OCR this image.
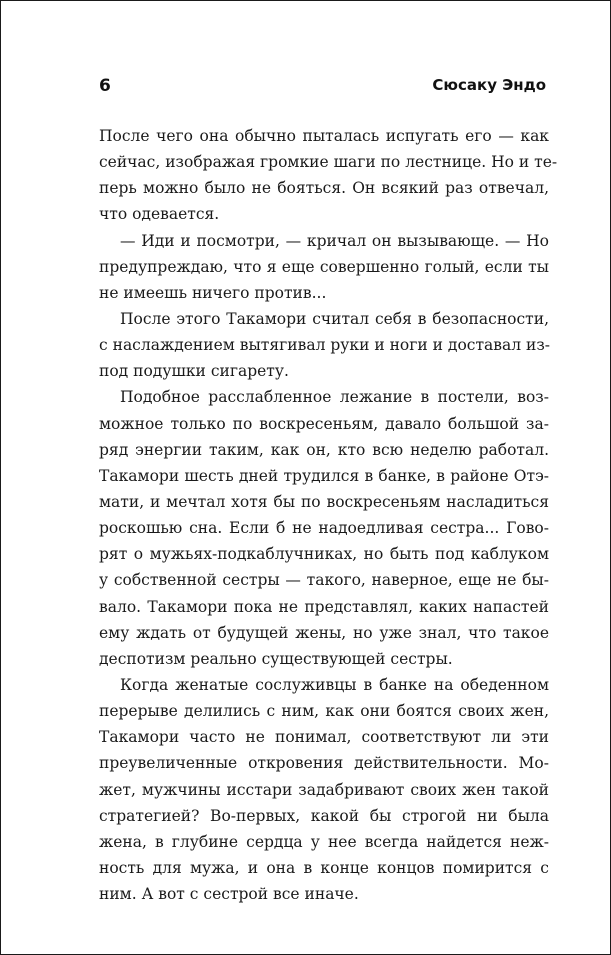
6	Сюсаку Эндо
После чего она обычно пыталась испугать его — как
сейчас, изображая громкие шаги по лестнице. Но и те-
перь можно было не бояться. Он всякий раз отвечал,
что одевается.
— Иди и посмотри, — кричал он вызывающе. — Но
предупреждаю, что я еще совершенно голый, если ты
не имеешь ничего против...
После этого Такамори считал себя в безопасности,
с наслаждением вытягивал руки и ноги и доставал из-
под подушки сигарету.
Подобное расслабленное лежание в постели, воз-
можное только по воскресеньям, давало большой за-
ряд энергии таким, как он, кто всю неделю работал.
Такамори шесть дней трудился в банке, в районе Отэ-
мати, и мечтал хотя бы по воскресеньям насладиться
роскошью сна. Если б не надоедливая сестра... Гово-
рят о мужьях-подкаблучниках, но быть под каблуком
у собственной сестры — такого, наверное, еще не бы-
вало. Такамори пока не представлял, каких напастей
ему ждать от будущей жены, но уже знал, что такое
деспотизм реально существующей сестры.
Когда женатые сослуживцы в банке на обеденном
перерыве делились с ним, как они боятся своих жен,
Такамори часто не понимал, соответствуют ли эти
преувеличенные откровения действительности. Мо-
жет, мужчины исстари задабривают своих жен такой
стратегией? Во-первых, какой бы строгой ни была
жена, в глубине сердца у нее всегда найдется неж-
ность для мужа, и она в конце концов помирится с
ним. А вот с сестрой все иначе.
